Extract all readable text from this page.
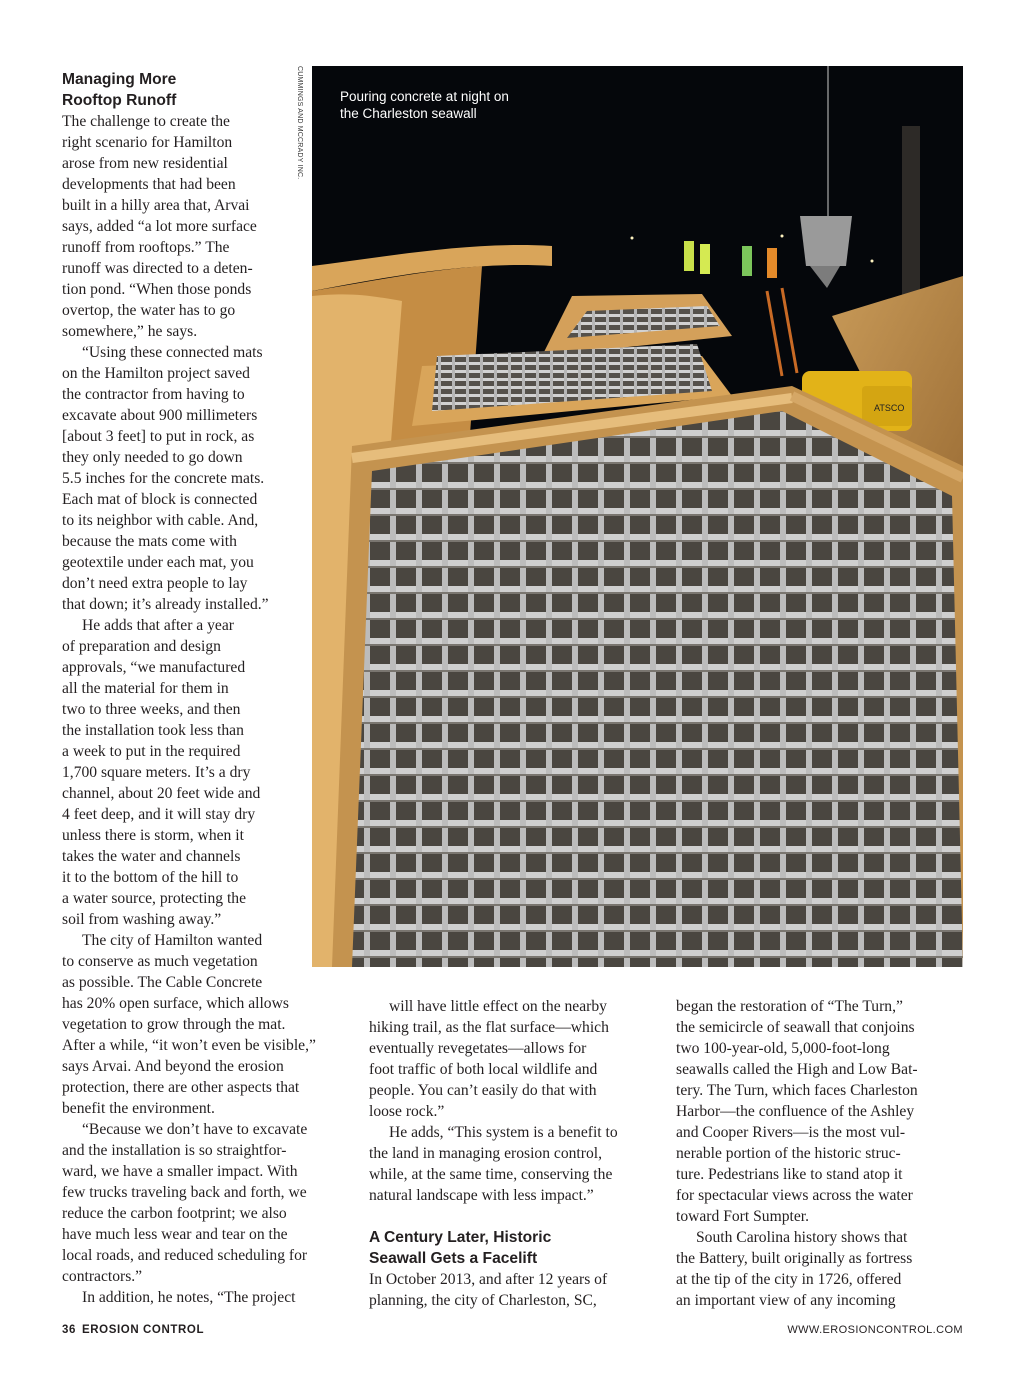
Managing More

Rooftop Runoff

The challenge to create the

right scenario for Hamilton

arose from new residential

developments that had been

built in a hilly area that, Arvai

says, added “a lot more surface

runoff from rooftops.” The

runoff was directed to a deten-

tion pond. “When those ponds

overtop, the water has to go

somewhere,” he says.

“Using these connected mats

on the Hamilton project saved

the contractor from having to

excavate about 900 millimeters

[about 3 feet] to put in rock, as

they only needed to go down

5.5 inches for the concrete mats.

Each mat of block is connected

to its neighbor with cable. And,

because the mats come with

geotextile under each mat, you

don’t need extra people to lay

that down; it’s already installed.”

He adds that after a year

of preparation and design

approvals, “we manufactured

all the material for them in

two to three weeks, and then

the installation took less than

a week to put in the required

1,700 square meters. It’s a dry

channel, about 20 feet wide and

4 feet deep, and it will stay dry

unless there is storm, when it

takes the water and channels

it to the bottom of the hill to

a water source, protecting the

soil from washing away.”

The city of Hamilton wanted

to conserve as much vegetation

as possible. The Cable Concrete

has 20% open surface, which allows

vegetation to grow through the mat.

After a while, “it won’t even be visible,”

says Arvai. And beyond the erosion

protection, there are other aspects that

benefit the environment.

“Because we don’t have to excavate

and the installation is so straightfor-

ward, we have a smaller impact. With

few trucks traveling back and forth, we

reduce the carbon footprint; we also

have much less wear and tear on the

local roads, and reduced scheduling for

contractors.”

In addition, he notes, “The project

CUMMINGS AND MCCRADY INC.
ATSCO
Pouring concrete at night on the Charleston seawall

will have little effect on the nearby

hiking trail, as the flat surface—which

eventually revegetates—allows for

foot traffic of both local wildlife and

people. You can’t easily do that with

loose rock.”

He adds, “This system is a benefit to

the land in managing erosion control,

while, at the same time, conserving the

natural landscape with less impact.”

A Century Later, Historic

Seawall Gets a Facelift

In October 2013, and after 12 years of

planning, the city of Charleston, SC,

began the restoration of “The Turn,”

the semicircle of seawall that conjoins

two 100-year-old, 5,000-foot-long

seawalls called the High and Low Bat-

tery. The Turn, which faces Charleston

Harbor—the confluence of the Ashley

and Cooper Rivers—is the most vul-

nerable portion of the historic struc-

ture. Pedestrians like to stand atop it

for spectacular views across the water

toward Fort Sumpter.

South Carolina history shows that

the Battery, built originally as fortress

at the tip of the city in 1726, offered

an important view of any incoming

36 EROSION CONTROL	WWW.EROSIONCONTROL.COM
